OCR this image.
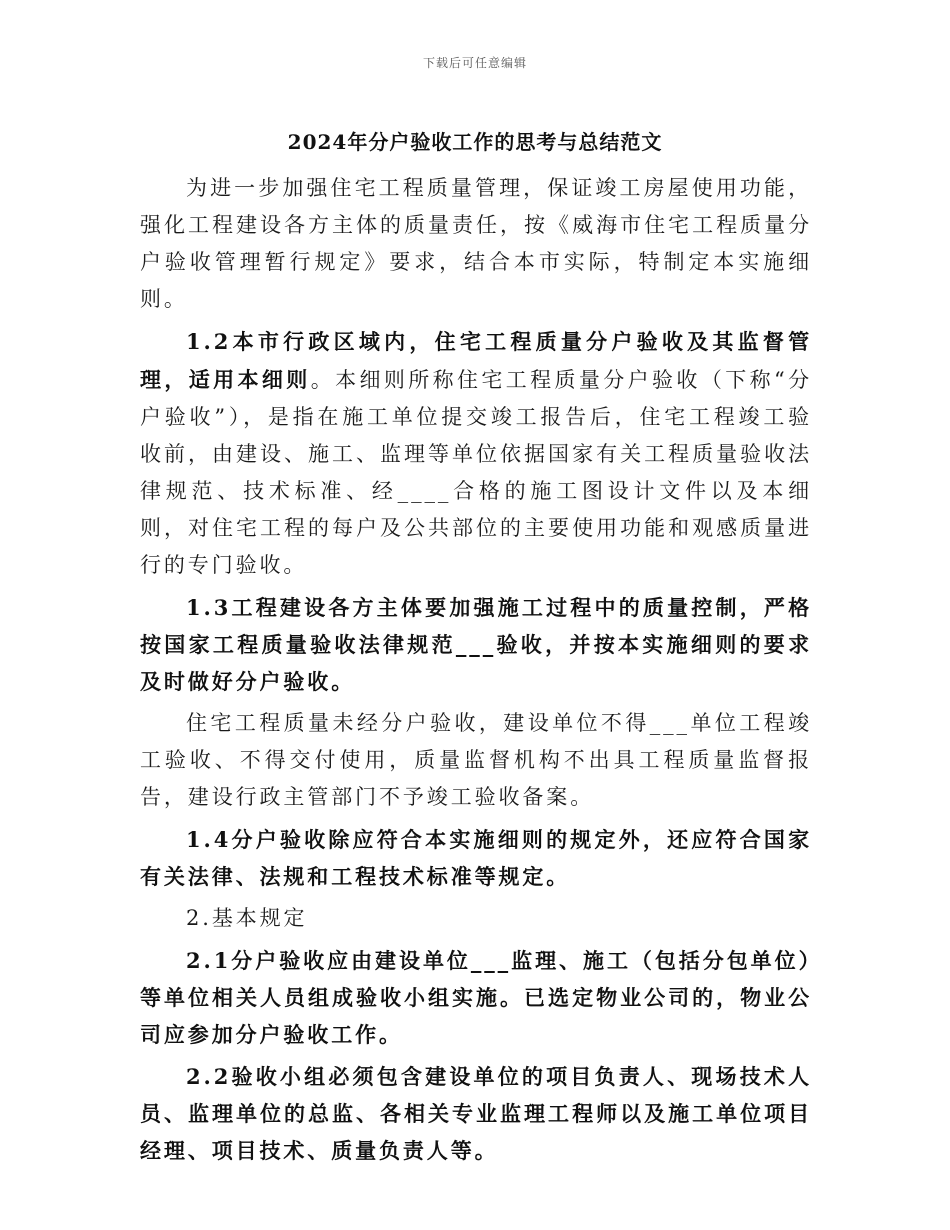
下载后可任意编辑
2024年分户验收工作的思考与总结范文

为进一步加强住宅工程质量管理，保证竣工房屋使用功能，强化工程建设各方主体的质量责任，按《威海市住宅工程质量分户验收管理暂行规定》要求，结合本市实际，特制定本实施细则。

1.2本市行政区域内，住宅工程质量分户验收及其监督管理，适用本细则。本细则所称住宅工程质量分户验收（下称“分户验收”），是指在施工单位提交竣工报告后，住宅工程竣工验收前，由建设、施工、监理等单位依据国家有关工程质量验收法律规范、技术标准、经____合格的施工图设计文件以及本细则，对住宅工程的每户及公共部位的主要使用功能和观感质量进行的专门验收。

1.3工程建设各方主体要加强施工过程中的质量控制，严格按国家工程质量验收法律规范___验收，并按本实施细则的要求及时做好分户验收。

住宅工程质量未经分户验收，建设单位不得___单位工程竣工验收、不得交付使用，质量监督机构不出具工程质量监督报告，建设行政主管部门不予竣工验收备案。

1.4分户验收除应符合本实施细则的规定外，还应符合国家有关法律、法规和工程技术标准等规定。

2.基本规定

2.1分户验收应由建设单位___监理、施工（包括分包单位）等单位相关人员组成验收小组实施。已选定物业公司的，物业公司应参加分户验收工作。

2.2验收小组必须包含建设单位的项目负责人、现场技术人员、监理单位的总监、各相关专业监理工程师以及施工单位项目经理、项目技术、质量负责人等。
